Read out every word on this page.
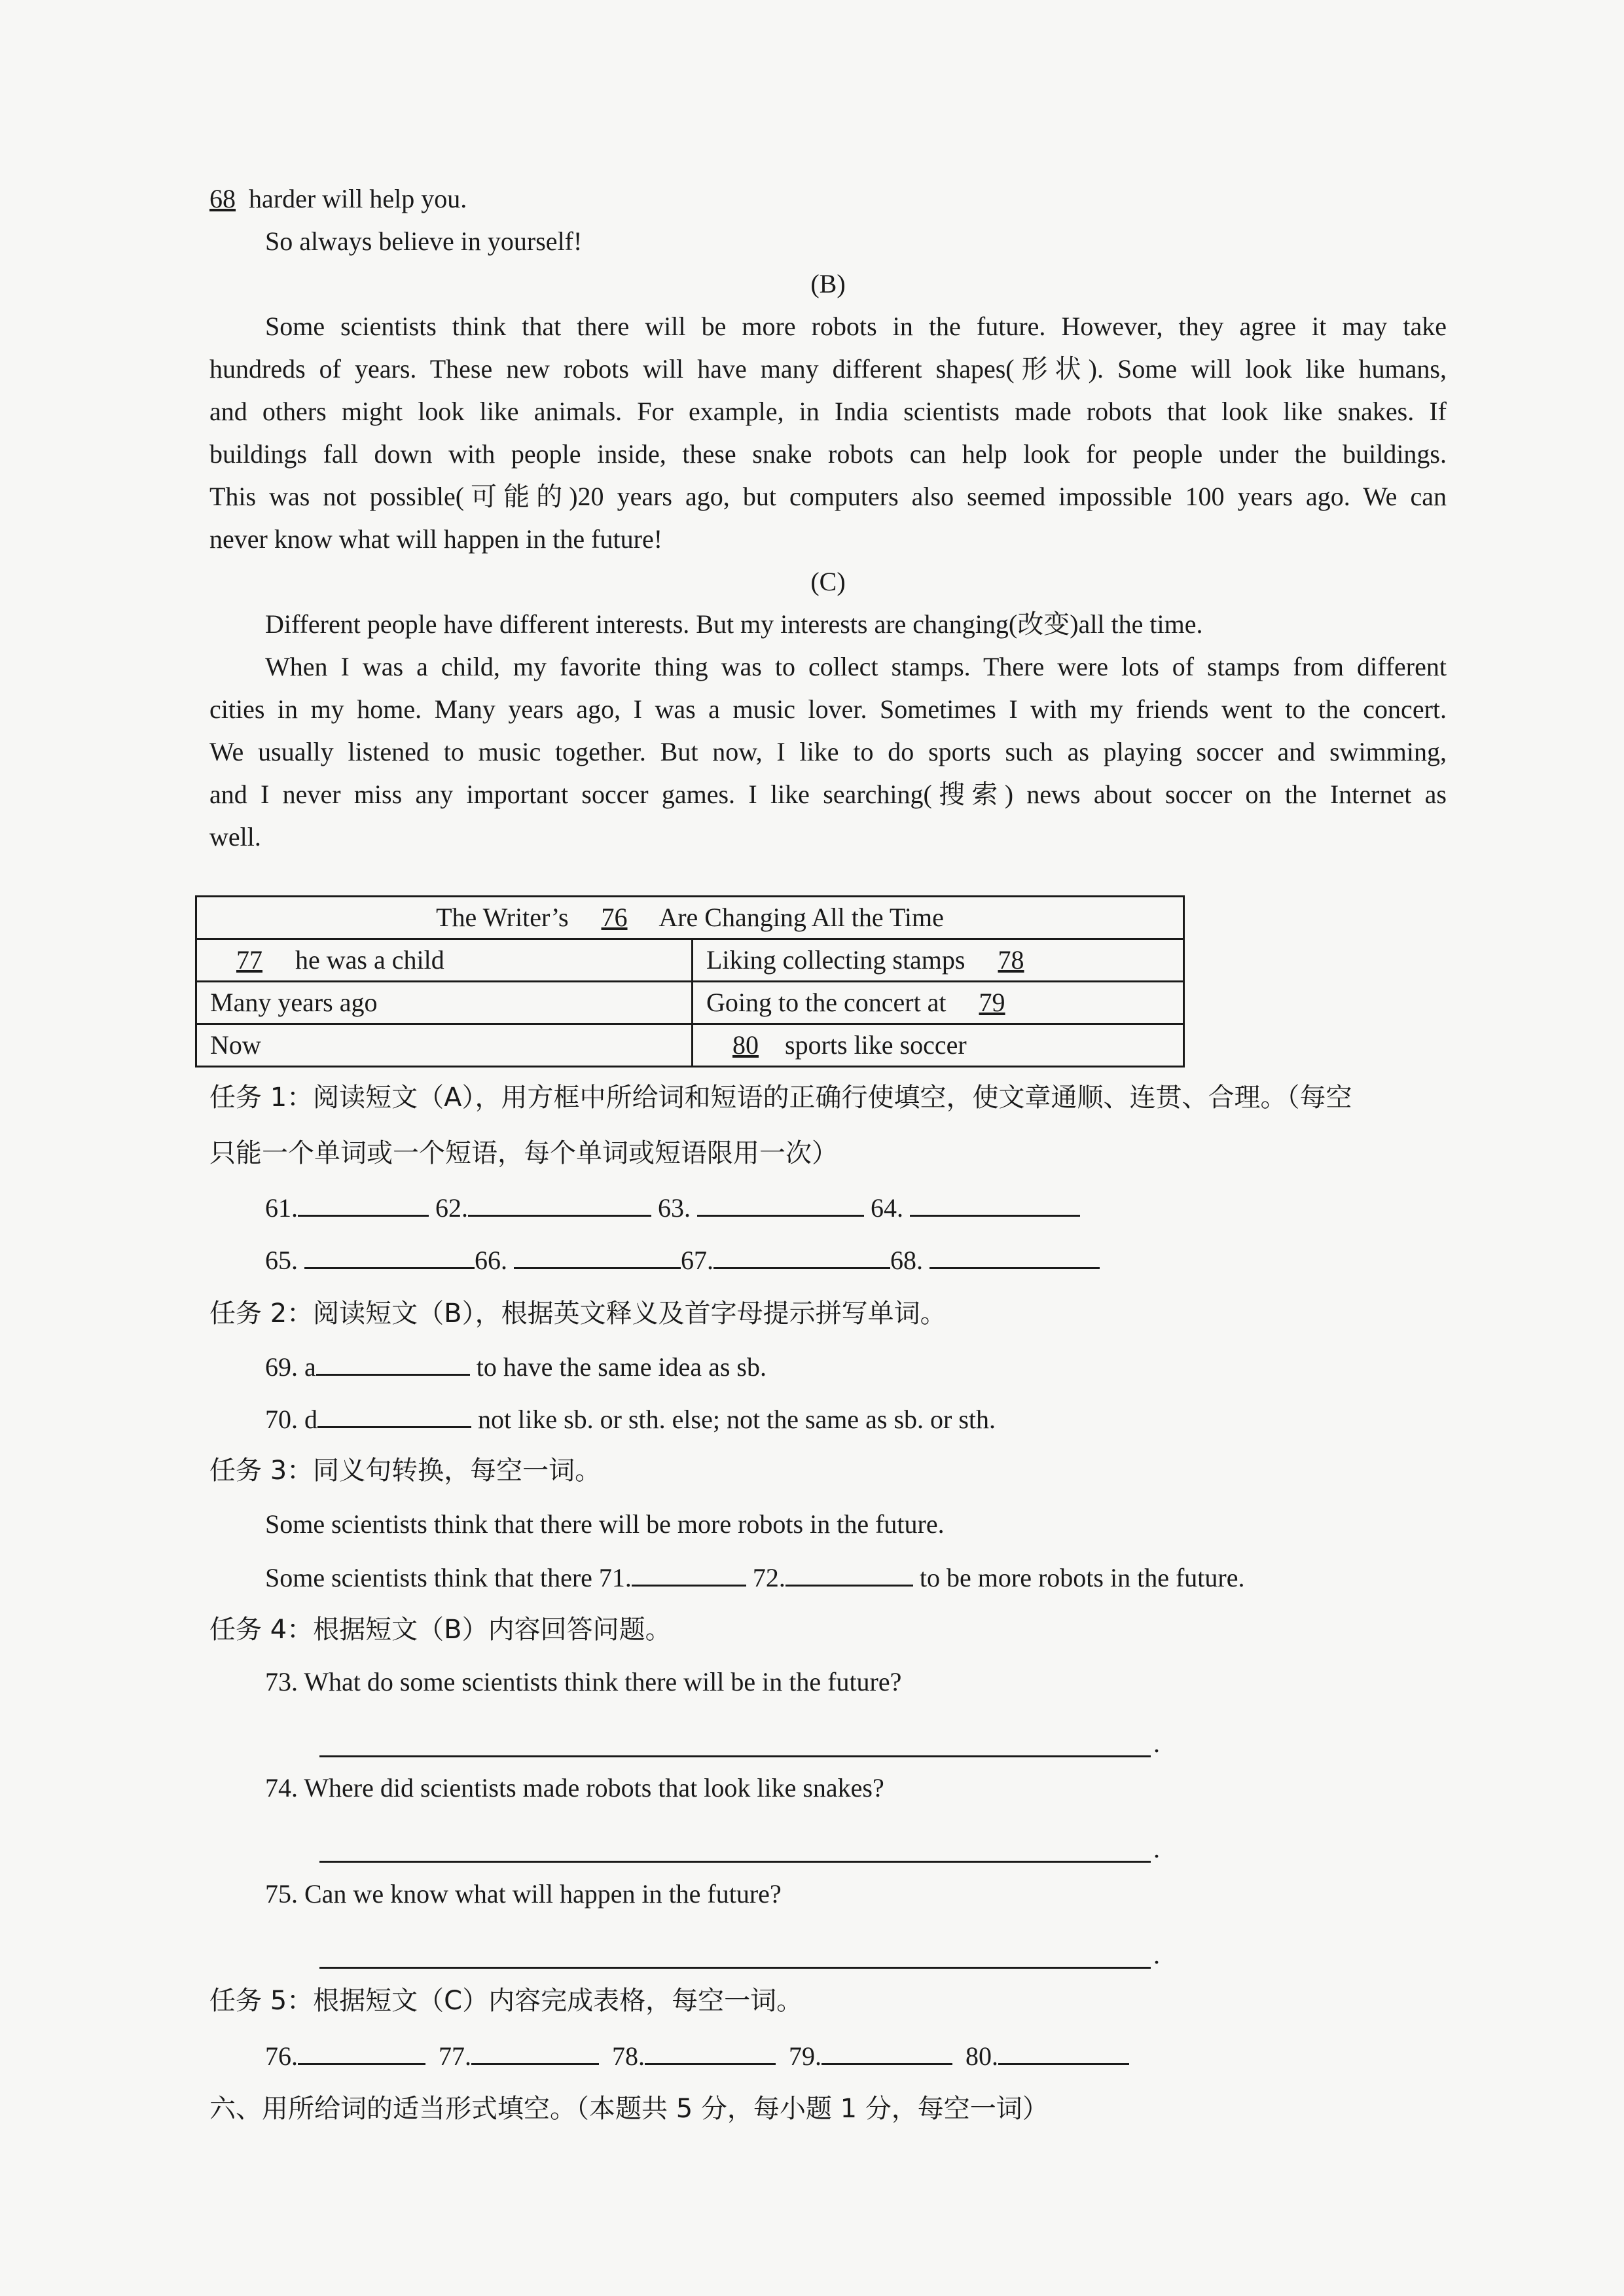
68 harder will help you.
So always believe in yourself!
(B)
Some scientists think that there will be more robots in the future. However, they agree it may take
hundreds of years. These new robots will have many different shapes(形状). Some will look like humans,
and others might look like animals. For example, in India scientists made robots that look like snakes. If
buildings fall down with people inside, these snake robots can help look for people under the buildings.
This was not possible(可能的)20 years ago, but computers also seemed impossible 100 years ago. We can
never know what will happen in the future!
(C)
Different people have different interests. But my interests are changing(改变)all the time.
When I was a child, my favorite thing was to collect stamps. There were lots of stamps from different
cities in my home. Many years ago, I was a music lover. Sometimes I with my friends went to the concert.
We usually listened to music together. But now, I like to do sports such as playing soccer and swimming,
and I never miss any important soccer games. I like searching(搜索) news about soccer on the Internet as
well.
The Writer’s 76 Are Changing All the Time	
77 he was a child	Liking collecting stamps 78
Many years ago	Going to the concert at 79
Now	80 sports like soccer
任务 1：阅读短文（A），用方框中所给词和短语的正确行使填空，使文章通顺、连贯、合理。（每空
只能一个单词或一个短语，每个单词或短语限用一次）
61.	62.	63.	64.
65.	66.	67.	68.
任务 2：阅读短文（B），根据英文释义及首字母提示拼写单词。
69. a	to have the same idea as sb.
70. d	not like sb. or sth. else; not the same as sb. or sth.
任务 3：同义句转换，每空一词。
Some scientists think that there will be more robots in the future.
Some scientists think that there 71.	72.	to be more robots in the future.
任务 4：根据短文（B）内容回答问题。
73. What do some scientists think there will be in the future?
.
74. Where did scientists made robots that look like snakes?
.
75. Can we know what will happen in the future?
.
任务 5：根据短文（C）内容完成表格，每空一词。
76.	77.	78.	79.	80.
六、用所给词的适当形式填空。（本题共 5 分，每小题 1 分，每空一词）
